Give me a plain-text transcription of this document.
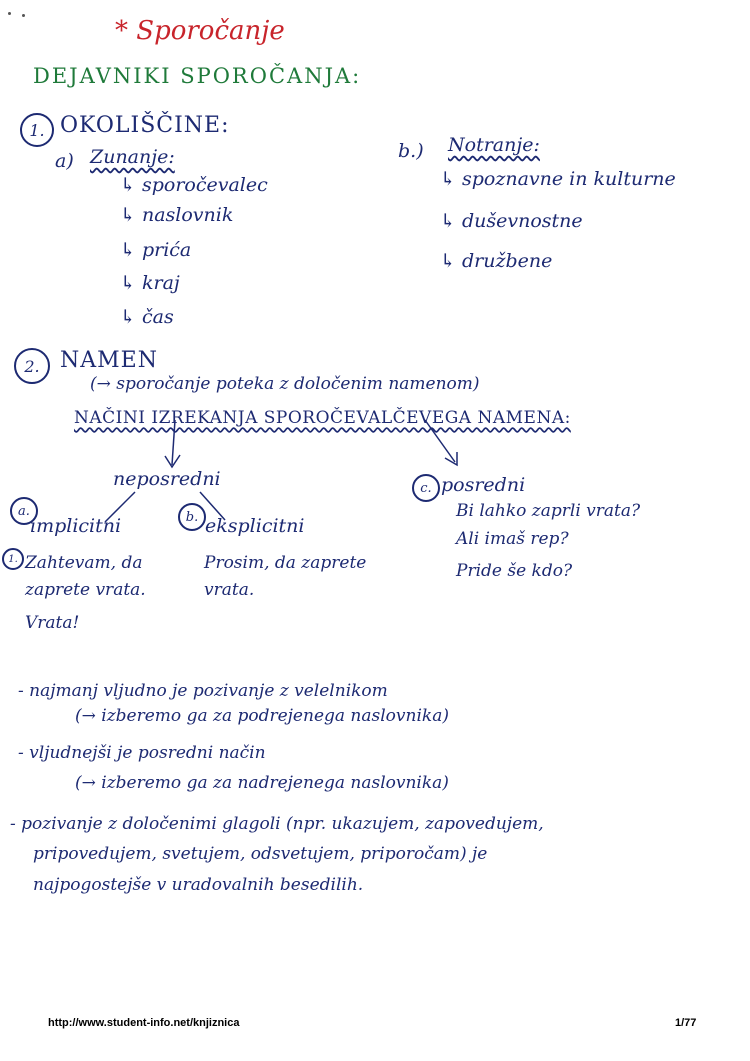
* Sporočanje
DEJAVNIKI SPOROČANJA:
1. OKOLIŠČINE:
a) Zunanje:
↳ sporočevalec
↳ naslovnik
↳ prića
↳ kraj
↳ čas
b.) Notranje:
↳ spoznavne in kulturne
↳ duševnostne
↳ družbene
2. NAMEN
(→ sporočanje poteka z določenim namenom)
NAČINI IZREKANJA SPOROČEVALČEVEGA NAMENA:
neposredni	c. posredni
Bi lahko zaprli vrata?
Ali imaš rep?
Pride še kdo?
a.
implicitni	b. eksplicitni
1. Zahtevam, da zaprete vrata.
Vrata!
Prosim, da zaprete vrata.
- najmanj vljudno je pozivanje z velelnikom
(→ izberemo ga za podrejenega naslovnika)
- vljudnejši je posredni način
(→ izberemo ga za nadrejenega naslovnika)
- pozivanje z določenimi glagoli (npr. ukazujem, zapovedujem,
pripovedujem, svetujem, odsvetujem, priporočam) je
najpogostejše v uradovalnih besedilih.
http://www.student-info.net/knjiznica	1/77
